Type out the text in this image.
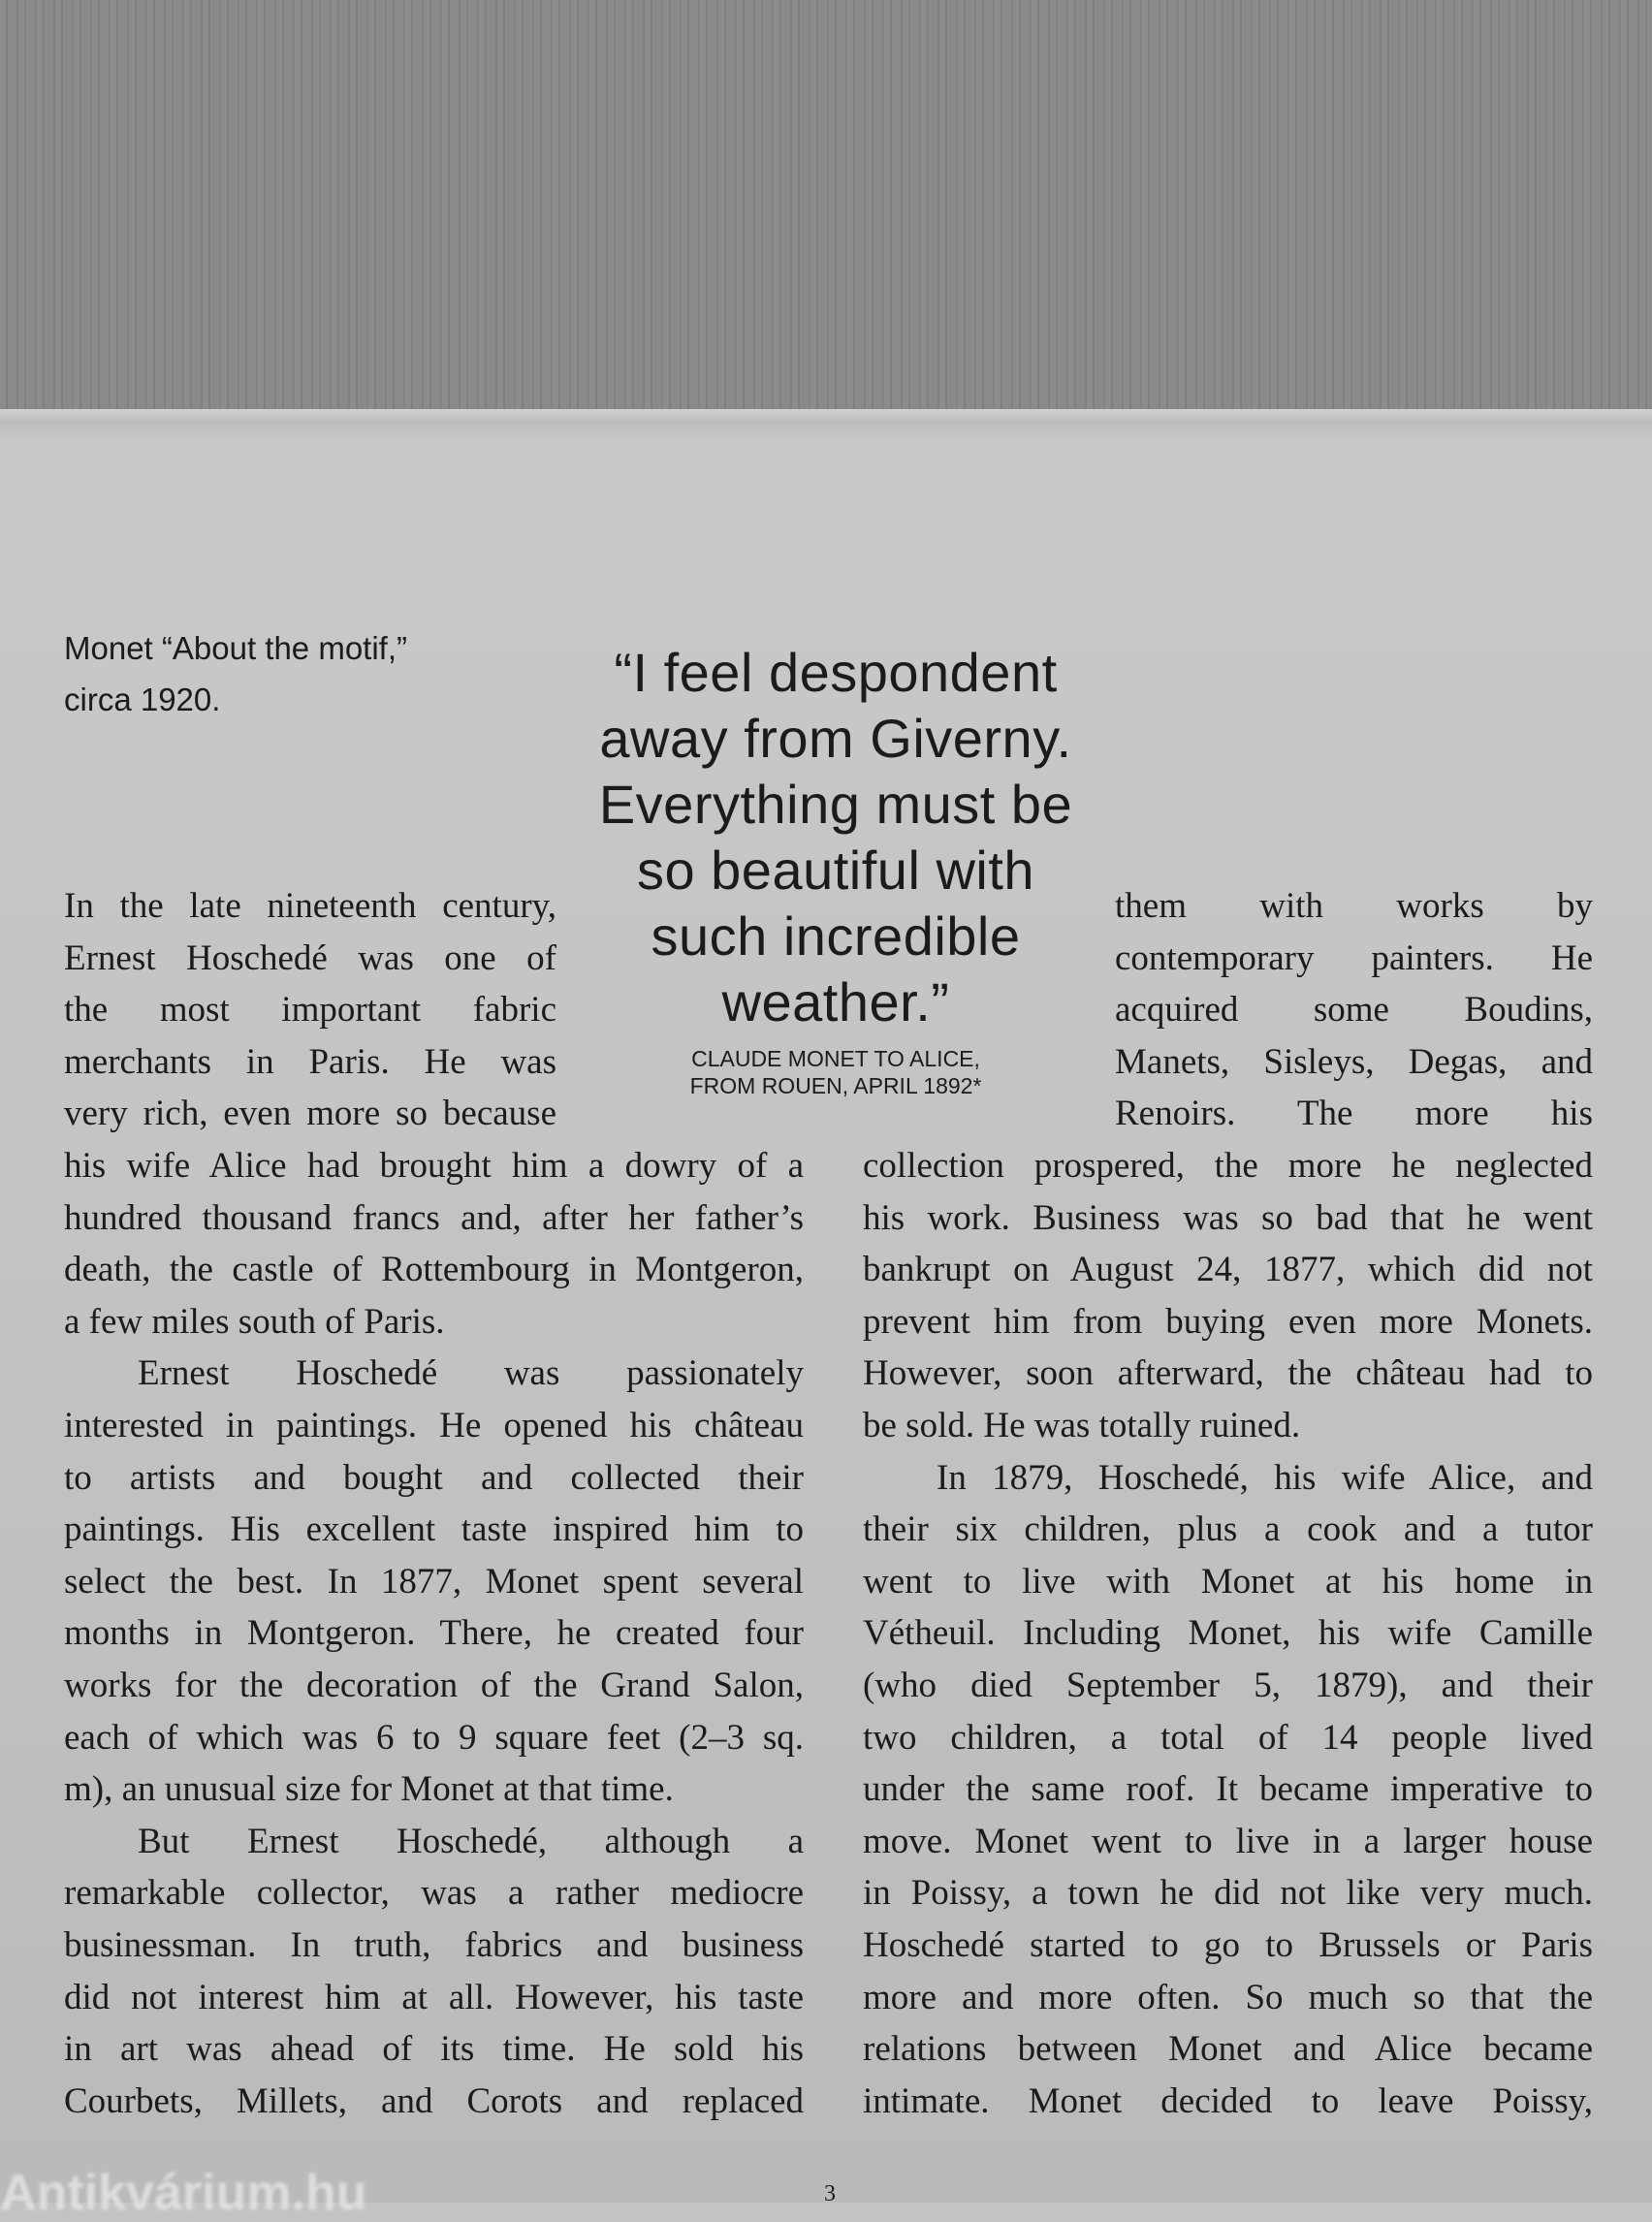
Monet “About the motif,”
circa 1920.	“I feel despondent
away from Giverny.
Everything must be
so beautiful with
such incredible
weather.”
CLAUDE MONET TO ALICE,
FROM ROUEN, APRIL 1892*
In the late nineteenth century,
Ernest Hoschedé was one of
the most important fabric
merchants in Paris. He was
very rich, even more so because
his wife Alice had brought him a dowry of a
hundred thousand francs and, after her father’s
death, the castle of Rottembourg in Montgeron,
a few miles south of Paris.
Ernest Hoschedé was passionately
interested in paintings. He opened his château
to artists and bought and collected their
paintings. His excellent taste inspired him to
select the best. In 1877, Monet spent several
months in Montgeron. There, he created four
works for the decoration of the Grand Salon,
each of which was 6 to 9 square feet (2–3 sq.
m), an unusual size for Monet at that time.
But Ernest Hoschedé, although a
remarkable collector, was a rather mediocre
businessman. In truth, fabrics and business
did not interest him at all. However, his taste
in art was ahead of its time. He sold his
Courbets, Millets, and Corots and replaced
them with works by
contemporary painters. He
acquired some Boudins,
Manets, Sisleys, Degas, and
Renoirs. The more his
collection prospered, the more he neglected
his work. Business was so bad that he went
bankrupt on August 24, 1877, which did not
prevent him from buying even more Monets.
However, soon afterward, the château had to
be sold. He was totally ruined.
In 1879, Hoschedé, his wife Alice, and
their six children, plus a cook and a tutor
went to live with Monet at his home in
Vétheuil. Including Monet, his wife Camille
(who died September 5, 1879), and their
two children, a total of 14 people lived
under the same roof. It became imperative to
move. Monet went to live in a larger house
in Poissy, a town he did not like very much.
Hoschedé started to go to Brussels or Paris
more and more often. So much so that the
relations between Monet and Alice became
intimate. Monet decided to leave Poissy,
Antikvárium.hu	3
